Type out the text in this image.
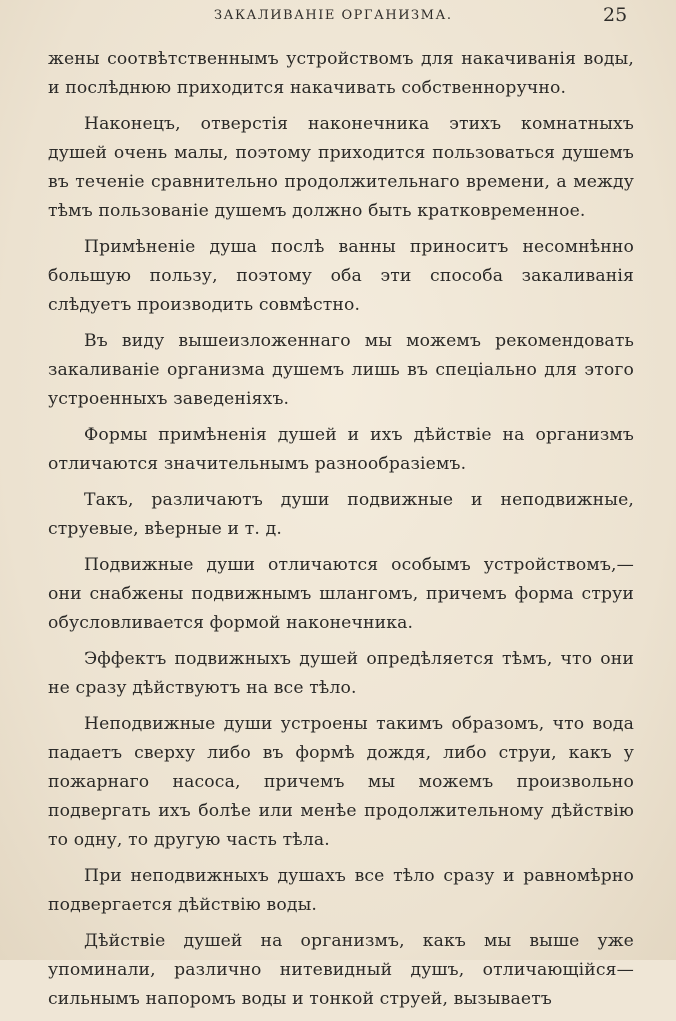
ЗАКАЛИВАНІЕ ОРГАНИЗМА.	25

жены соотвѣтственнымъ устройствомъ для накачиванія воды, и послѣднюю приходится накачивать собственноручно.

Наконецъ, отверстія наконечника этихъ комнатныхъ душей очень малы, поэтому приходится пользоваться душемъ въ теченіе сравнительно продолжительнаго времени, а между тѣмъ пользованіе душемъ должно быть кратковременное.

Примѣненіе душа послѣ ванны приноситъ несомнѣнно большую пользу, поэтому оба эти способа закаливанія слѣдуетъ производить совмѣстно.

Въ виду вышеизложеннаго мы можемъ рекомендовать закаливаніе организма душемъ лишь въ спеціально для этого устроенныхъ заведеніяхъ.

Формы примѣненія душей и ихъ дѣйствіе на организмъ отличаются значительнымъ разнообразіемъ.

Такъ, различаютъ души подвижные и неподвижные, струевые, вѣерные и т. д.

Подвижные души отличаются особымъ устройствомъ,— они снабжены подвижнымъ шлангомъ, причемъ форма струи обусловливается формой наконечника.

Эффектъ подвижныхъ душей опредѣляется тѣмъ, что они не сразу дѣйствуютъ на все тѣло.

Неподвижные души устроены такимъ образомъ, что вода падаетъ сверху либо въ формѣ дождя, либо струи, какъ у пожарнаго насоса, причемъ мы можемъ произвольно подвергать ихъ болѣе или менѣе продолжительному дѣйствію то одну, то другую часть тѣла.

При неподвижныхъ душахъ все тѣло сразу и равномѣрно подвергается дѣйствію воды.

Дѣйствіе душей на организмъ, какъ мы выше уже упоминали, различно нитевидный душъ, отличающійся— сильнымъ напоромъ воды и тонкой струей, вызываетъ
